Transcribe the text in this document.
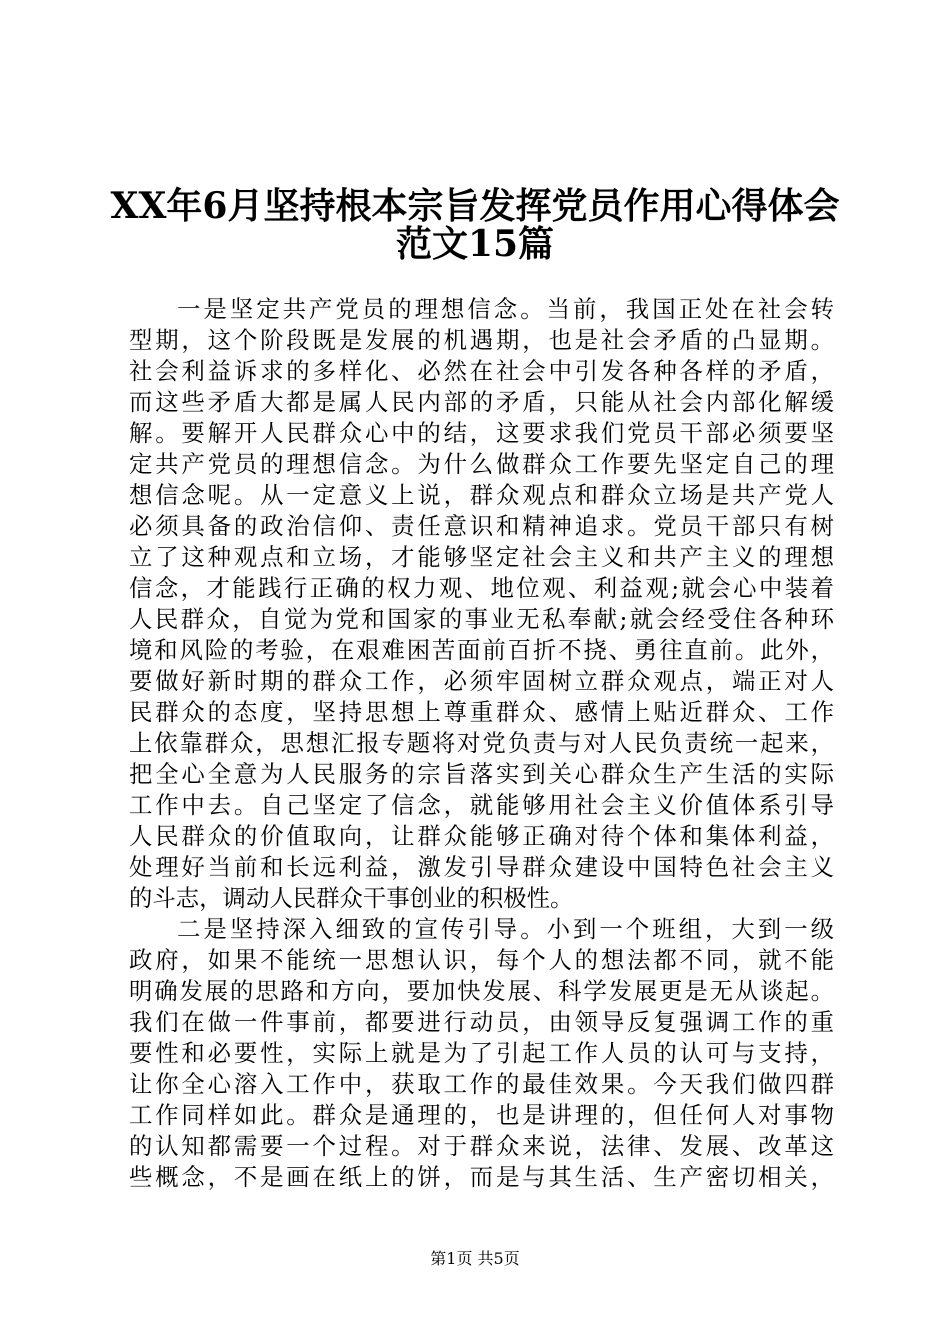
XX年6月坚持根本宗旨发挥党员作用心得体会
范文15篇
一是坚定共产党员的理想信念。当前，我国正处在社会转
型期，这个阶段既是发展的机遇期，也是社会矛盾的凸显期。
社会利益诉求的多样化、必然在社会中引发各种各样的矛盾，
而这些矛盾大都是属人民内部的矛盾，只能从社会内部化解缓
解。要解开人民群众心中的结，这要求我们党员干部必须要坚
定共产党员的理想信念。为什么做群众工作要先坚定自己的理
想信念呢。从一定意义上说，群众观点和群众立场是共产党人
必须具备的政治信仰、责任意识和精神追求。党员干部只有树
立了这种观点和立场，才能够坚定社会主义和共产主义的理想
信念，才能践行正确的权力观、地位观、利益观;就会心中装着
人民群众，自觉为党和国家的事业无私奉献;就会经受住各种环
境和风险的考验，在艰难困苦面前百折不挠、勇往直前。此外，
要做好新时期的群众工作，必须牢固树立群众观点，端正对人
民群众的态度，坚持思想上尊重群众、感情上贴近群众、工作
上依靠群众，思想汇报专题将对党负责与对人民负责统一起来，
把全心全意为人民服务的宗旨落实到关心群众生产生活的实际
工作中去。自己坚定了信念，就能够用社会主义价值体系引导
人民群众的价值取向，让群众能够正确对待个体和集体利益，
处理好当前和长远利益，激发引导群众建设中国特色社会主义
的斗志，调动人民群众干事创业的积极性。
二是坚持深入细致的宣传引导。小到一个班组，大到一级
政府，如果不能统一思想认识，每个人的想法都不同，就不能
明确发展的思路和方向，要加快发展、科学发展更是无从谈起。
我们在做一件事前，都要进行动员，由领导反复强调工作的重
要性和必要性，实际上就是为了引起工作人员的认可与支持，
让你全心溶入工作中，获取工作的最佳效果。今天我们做四群
工作同样如此。群众是通理的，也是讲理的，但任何人对事物
的认知都需要一个过程。对于群众来说，法律、发展、改革这
些概念，不是画在纸上的饼，而是与其生活、生产密切相关，
第1页 共5页
